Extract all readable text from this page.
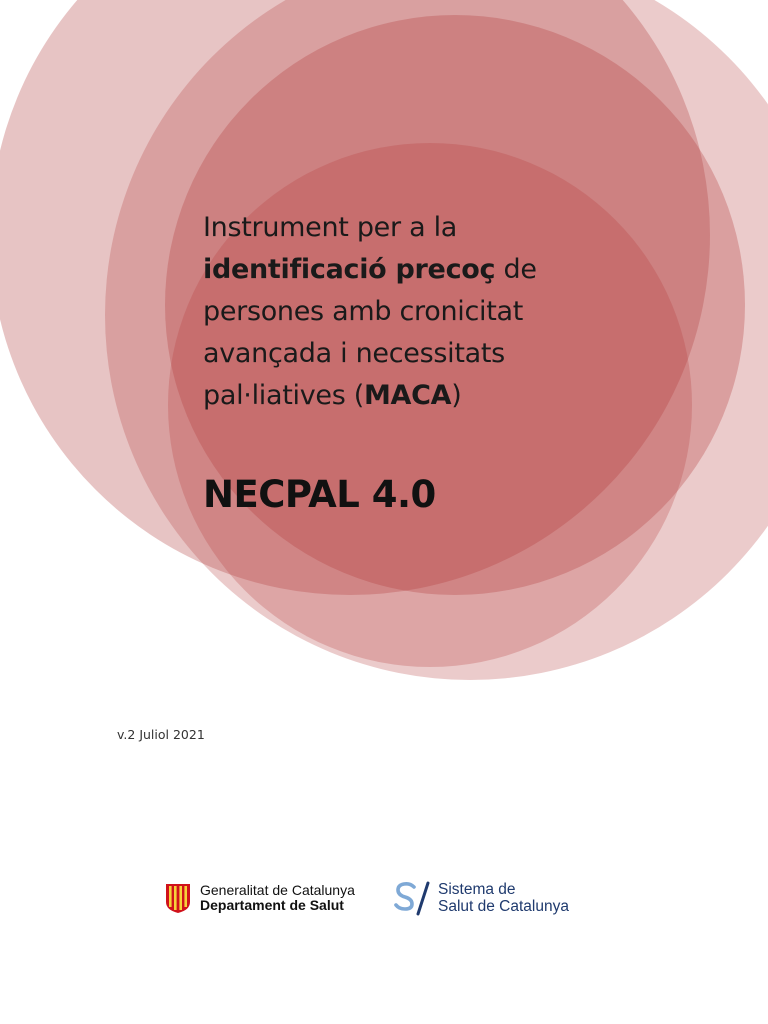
Instrument per a la
identificació precoç de
persones amb cronicitat
avançada i necessitats
pal·liatives (MACA)
NECPAL 4.0
v.2 Juliol 2021
Generalitat de Catalunya
Departament de Salut
Sistema de
Salut de Catalunya
